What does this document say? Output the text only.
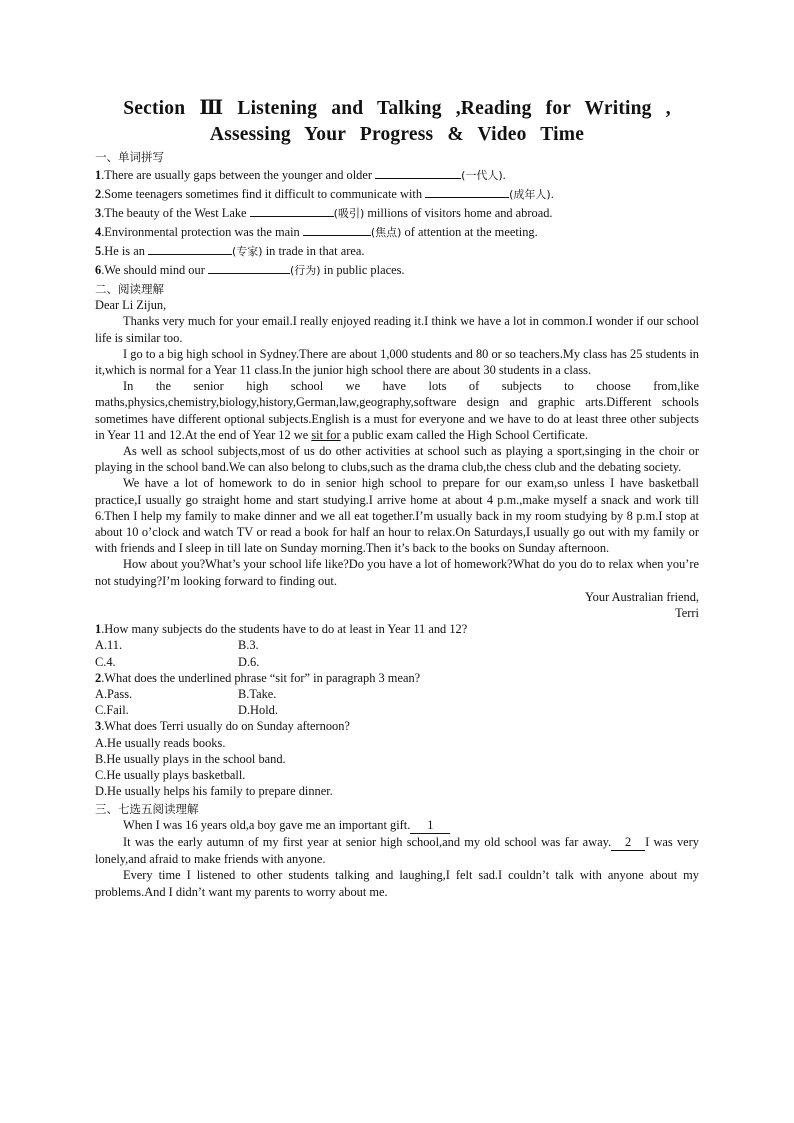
Section Ⅲ Listening and Talking ,Reading for Writing ,
Assessing Your Progress & Video Time
一、单词拼写
1.There are usually gaps between the younger and older	(一代人).
2.Some teenagers sometimes find it difficult to communicate with	(成年人).
3.The beauty of the West Lake	(吸引) millions of visitors home and abroad.
4.Environmental protection was the main	(焦点) of attention at the meeting.
5.He is an	(专家) in trade in that area.
6.We should mind our	(行为) in public places.
二、阅读理解

Dear Li Zijun,

Thanks very much for your email.I really enjoyed reading it.I think we have a lot in common.I wonder if our school life is similar too.

I go to a big high school in Sydney.There are about 1,000 students and 80 or so teachers.My class has 25 students in it,which is normal for a Year 11 class.In the junior high school there are about 30 students in a class.

In the senior high school we have lots of subjects to choose from,like maths,physics,chemistry,biology,history,German,law,geography,software design and graphic arts.Different schools sometimes have different optional subjects.English is a must for everyone and we have to do at least three other subjects in Year 11 and 12.At the end of Year 12 we sit for a public exam called the High School Certificate.

As well as school subjects,most of us do other activities at school such as playing a sport,singing in the choir or playing in the school band.We can also belong to clubs,such as the drama club,the chess club and the debating society.

We have a lot of homework to do in senior high school to prepare for our exam,so unless I have basketball practice,I usually go straight home and start studying.I arrive home at about 4 p.m.,make myself a snack and work till 6.Then I help my family to make dinner and we all eat together.I’m usually back in my room studying by 8 p.m.I stop at about 10 o’clock and watch TV or read a book for half an hour to relax.On Saturdays,I usually go out with my family or with friends and I sleep in till late on Sunday morning.Then it’s back to the books on Sunday afternoon.

How about you?What’s your school life like?Do you have a lot of homework?What do you do to relax when you’re not studying?I’m looking forward to finding out.

Your Australian friend,

Terri

1.How many subjects do the students have to do at least in Year 11 and 12?
A.11.	B.3.
C.4.	D.6.
2.What does the underlined phrase “sit for” in paragraph 3 mean?
A.Pass.	B.Take.
C.Fail.	D.Hold.
3.What does Terri usually do on Sunday afternoon?
A.He usually reads books.
B.He usually plays in the school band.
C.He usually plays basketball.
D.He usually helps his family to prepare dinner.
三、七选五阅读理解

When I was 16 years old,a boy gave me an important gift. 1

It was the early autumn of my first year at senior high school,and my old school was far away. 2 I was very lonely,and afraid to make friends with anyone.

Every time I listened to other students talking and laughing,I felt sad.I couldn’t talk with anyone about my problems.And I didn’t want my parents to worry about me.
